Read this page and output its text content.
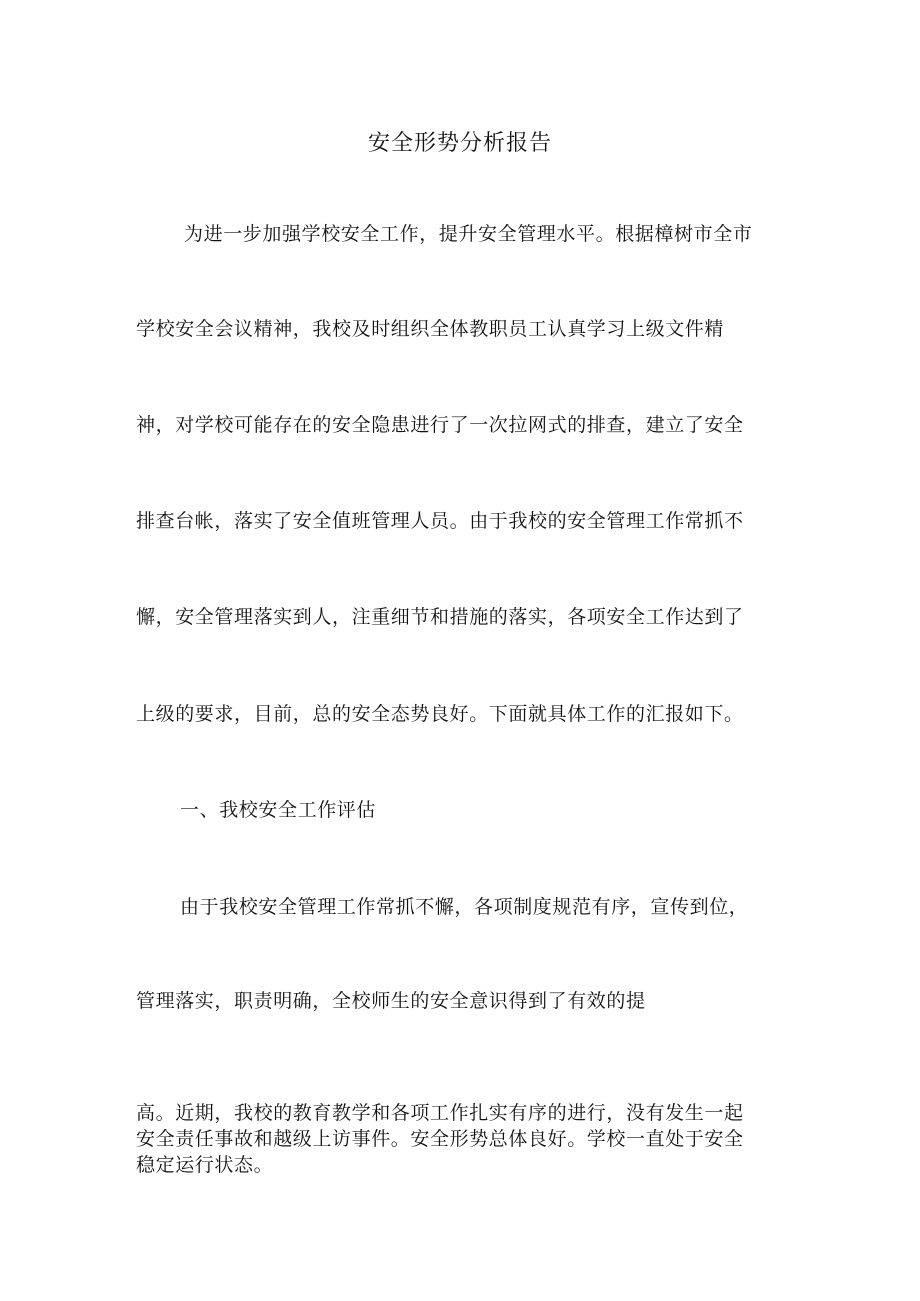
安全形势分析报告

为进一步加强学校安全工作，提升安全管理水平。根据樟树市全市

学校安全会议精神，我校及时组织全体教职员工认真学习上级文件精

神，对学校可能存在的安全隐患进行了一次拉网式的排查，建立了安全

排查台帐，落实了安全值班管理人员。由于我校的安全管理工作常抓不

懈，安全管理落实到人，注重细节和措施的落实，各项安全工作达到了

上级的要求，目前，总的安全态势良好。下面就具体工作的汇报如下。

一、我校安全工作评估

由于我校安全管理工作常抓不懈，各项制度规范有序，宣传到位，

管理落实，职责明确，全校师生的安全意识得到了有效的提

高。近期，我校的教育教学和各项工作扎实有序的进行，没有发生一起

安全责任事故和越级上访事件。安全形势总体良好。学校一直处于安全

稳定运行状态。
